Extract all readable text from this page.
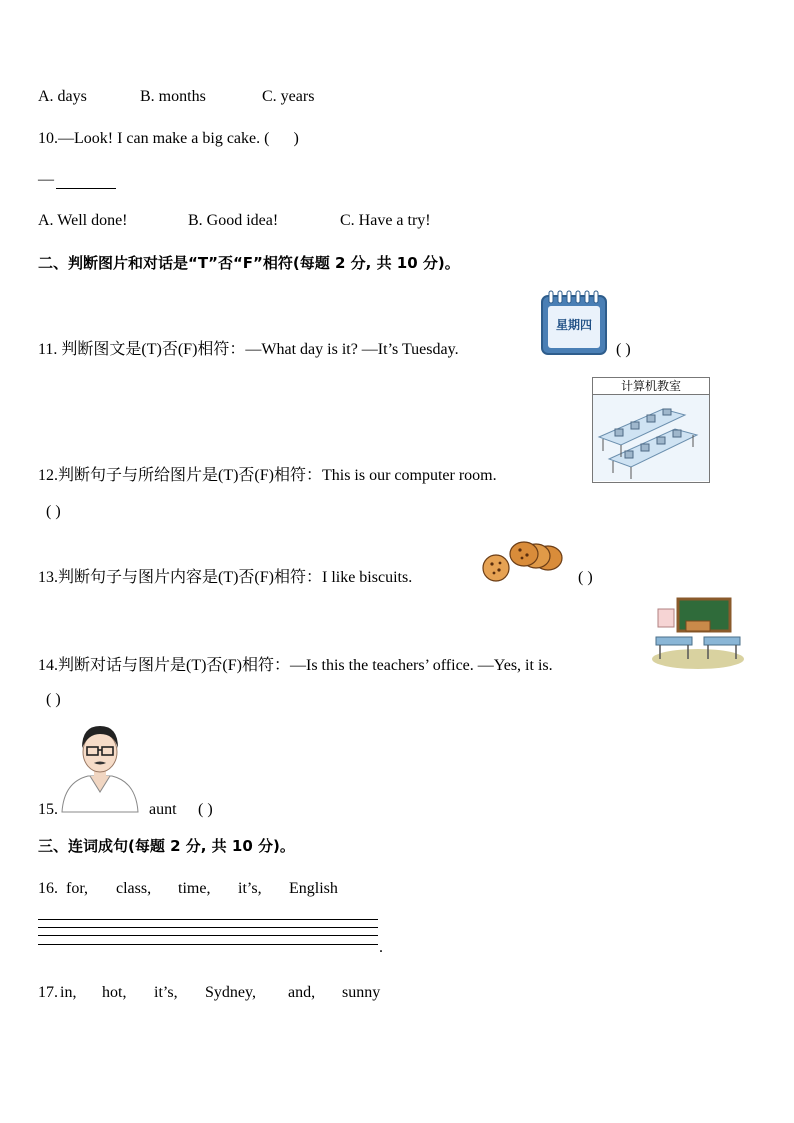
A. days	B. months	C. years
10.—Look! I can make a big cake. ( )
—
A. Well done!	B. Good idea!	C. Have a try!
二、判断图片和对话是“T”否“F”相符(每题 2 分, 共 10 分)。
11. 判断图文是(T)否(F)相符：—What day is it? —It’s Tuesday.
星期四
( )
计算机教室
12.判断句子与所给图片是(T)否(F)相符：This is our computer room.
( )
13.判断句子与图片内容是(T)否(F)相符：I like biscuits.	( )
14.判断对话与图片是(T)否(F)相符：—Is this the teachers’ office. —Yes, it is.
( )
15.	aunt ( )
三、连词成句(每题 2 分, 共 10 分)。
16. for, class, time, it’s, English
.
17. in, hot, it’s, Sydney, and, sunny
